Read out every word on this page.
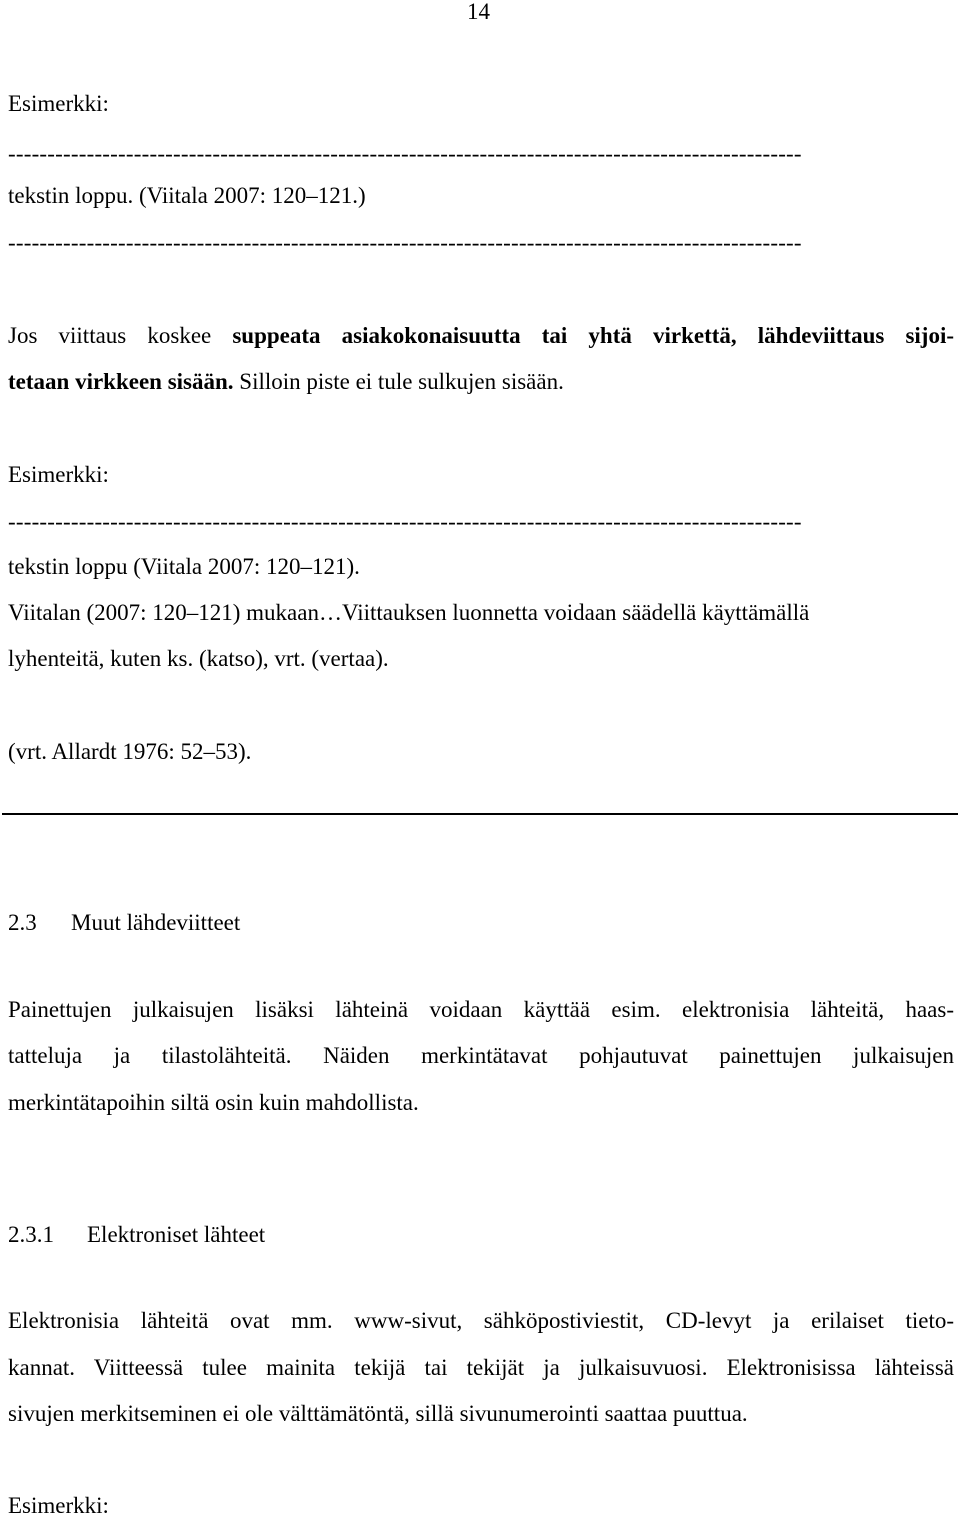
14
Esimerkki:
-----------------------------------------------------------------------------------------------------
tekstin loppu. (Viitala 2007: 120–121.)
-----------------------------------------------------------------------------------------------------
Jos viittaus koskee suppeata asiakokonaisuutta tai yhtä virkettä, lähdeviittaus sijoi-
tetaan virkkeen sisään. Silloin piste ei tule sulkujen sisään.
Esimerkki:
-----------------------------------------------------------------------------------------------------
tekstin loppu (Viitala 2007: 120–121).
Viitalan (2007: 120–121) mukaan…Viittauksen luonnetta voidaan säädellä käyttämällä
lyhenteitä, kuten ks. (katso), vrt. (vertaa).
(vrt. Allardt 1976: 52–53).
2.3 Muut lähdeviitteet
Painettujen julkaisujen lisäksi lähteinä voidaan käyttää esim. elektronisia lähteitä, haas-
tatteluja ja tilastolähteitä. Näiden merkintätavat pohjautuvat painettujen julkaisujen
merkintätapoihin siltä osin kuin mahdollista.
2.3.1 Elektroniset lähteet
Elektronisia lähteitä ovat mm. www-sivut, sähköpostiviestit, CD-levyt ja erilaiset tieto-
kannat. Viitteessä tulee mainita tekijä tai tekijät ja julkaisuvuosi. Elektronisissa lähteissä
sivujen merkitseminen ei ole välttämätöntä, sillä sivunumerointi saattaa puuttua.
Esimerkki:
